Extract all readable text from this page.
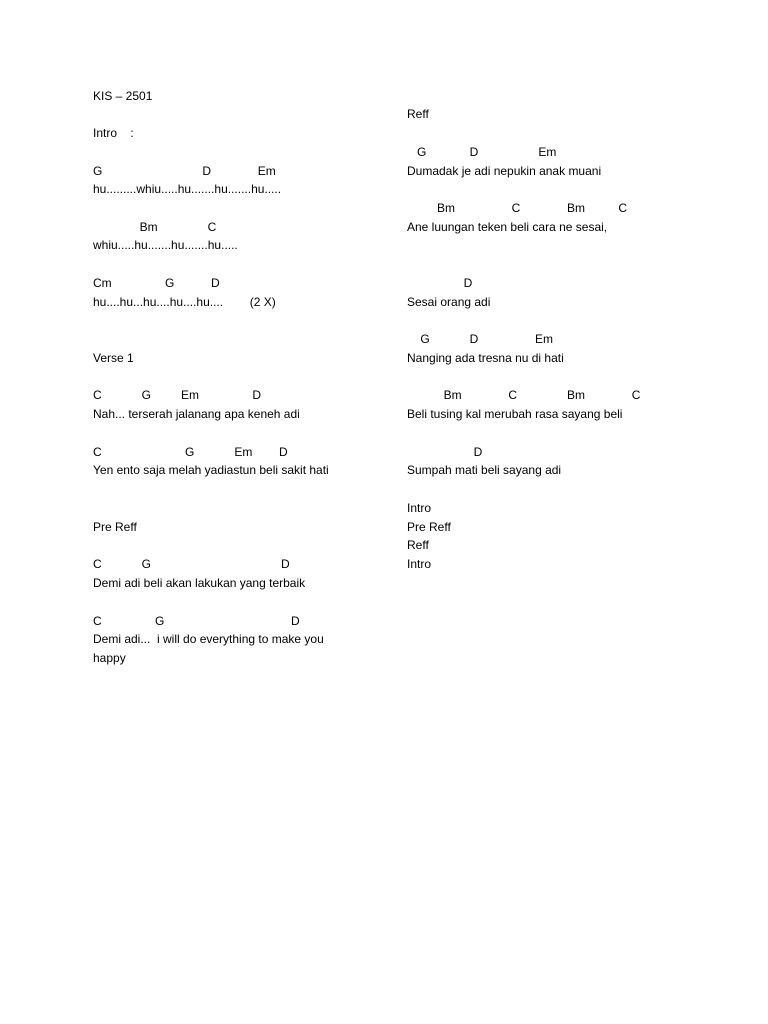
KIS – 2501
Intro    :
G                              D              Em
hu.........whiu.....hu.......hu.......hu.....
Bm               C
whiu.....hu.......hu.......hu.....
Cm                G           D
hu....hu...hu....hu....hu....        (2 X)
Verse 1
C            G         Em                D
Nah... terserah jalanang apa keneh adi
C                         G            Em        D
Yen ento saja melah yadiastun beli sakit hati
Pre Reff
C            G                                       D
Demi adi beli akan lakukan yang terbaik
C                G                                      D
Demi adi...  i will do everything to make you
happy
Reff
G             D                  Em
Dumadak je adi nepukin anak muani
Bm                 C              Bm          C
Ane luungan teken beli cara ne sesai,
D
Sesai orang adi
G            D                 Em
Nanging ada tresna nu di hati
Bm              C               Bm              C
Beli tusing kal merubah rasa sayang beli
D
Sumpah mati beli sayang adi
Intro
Pre Reff
Reff
Intro
